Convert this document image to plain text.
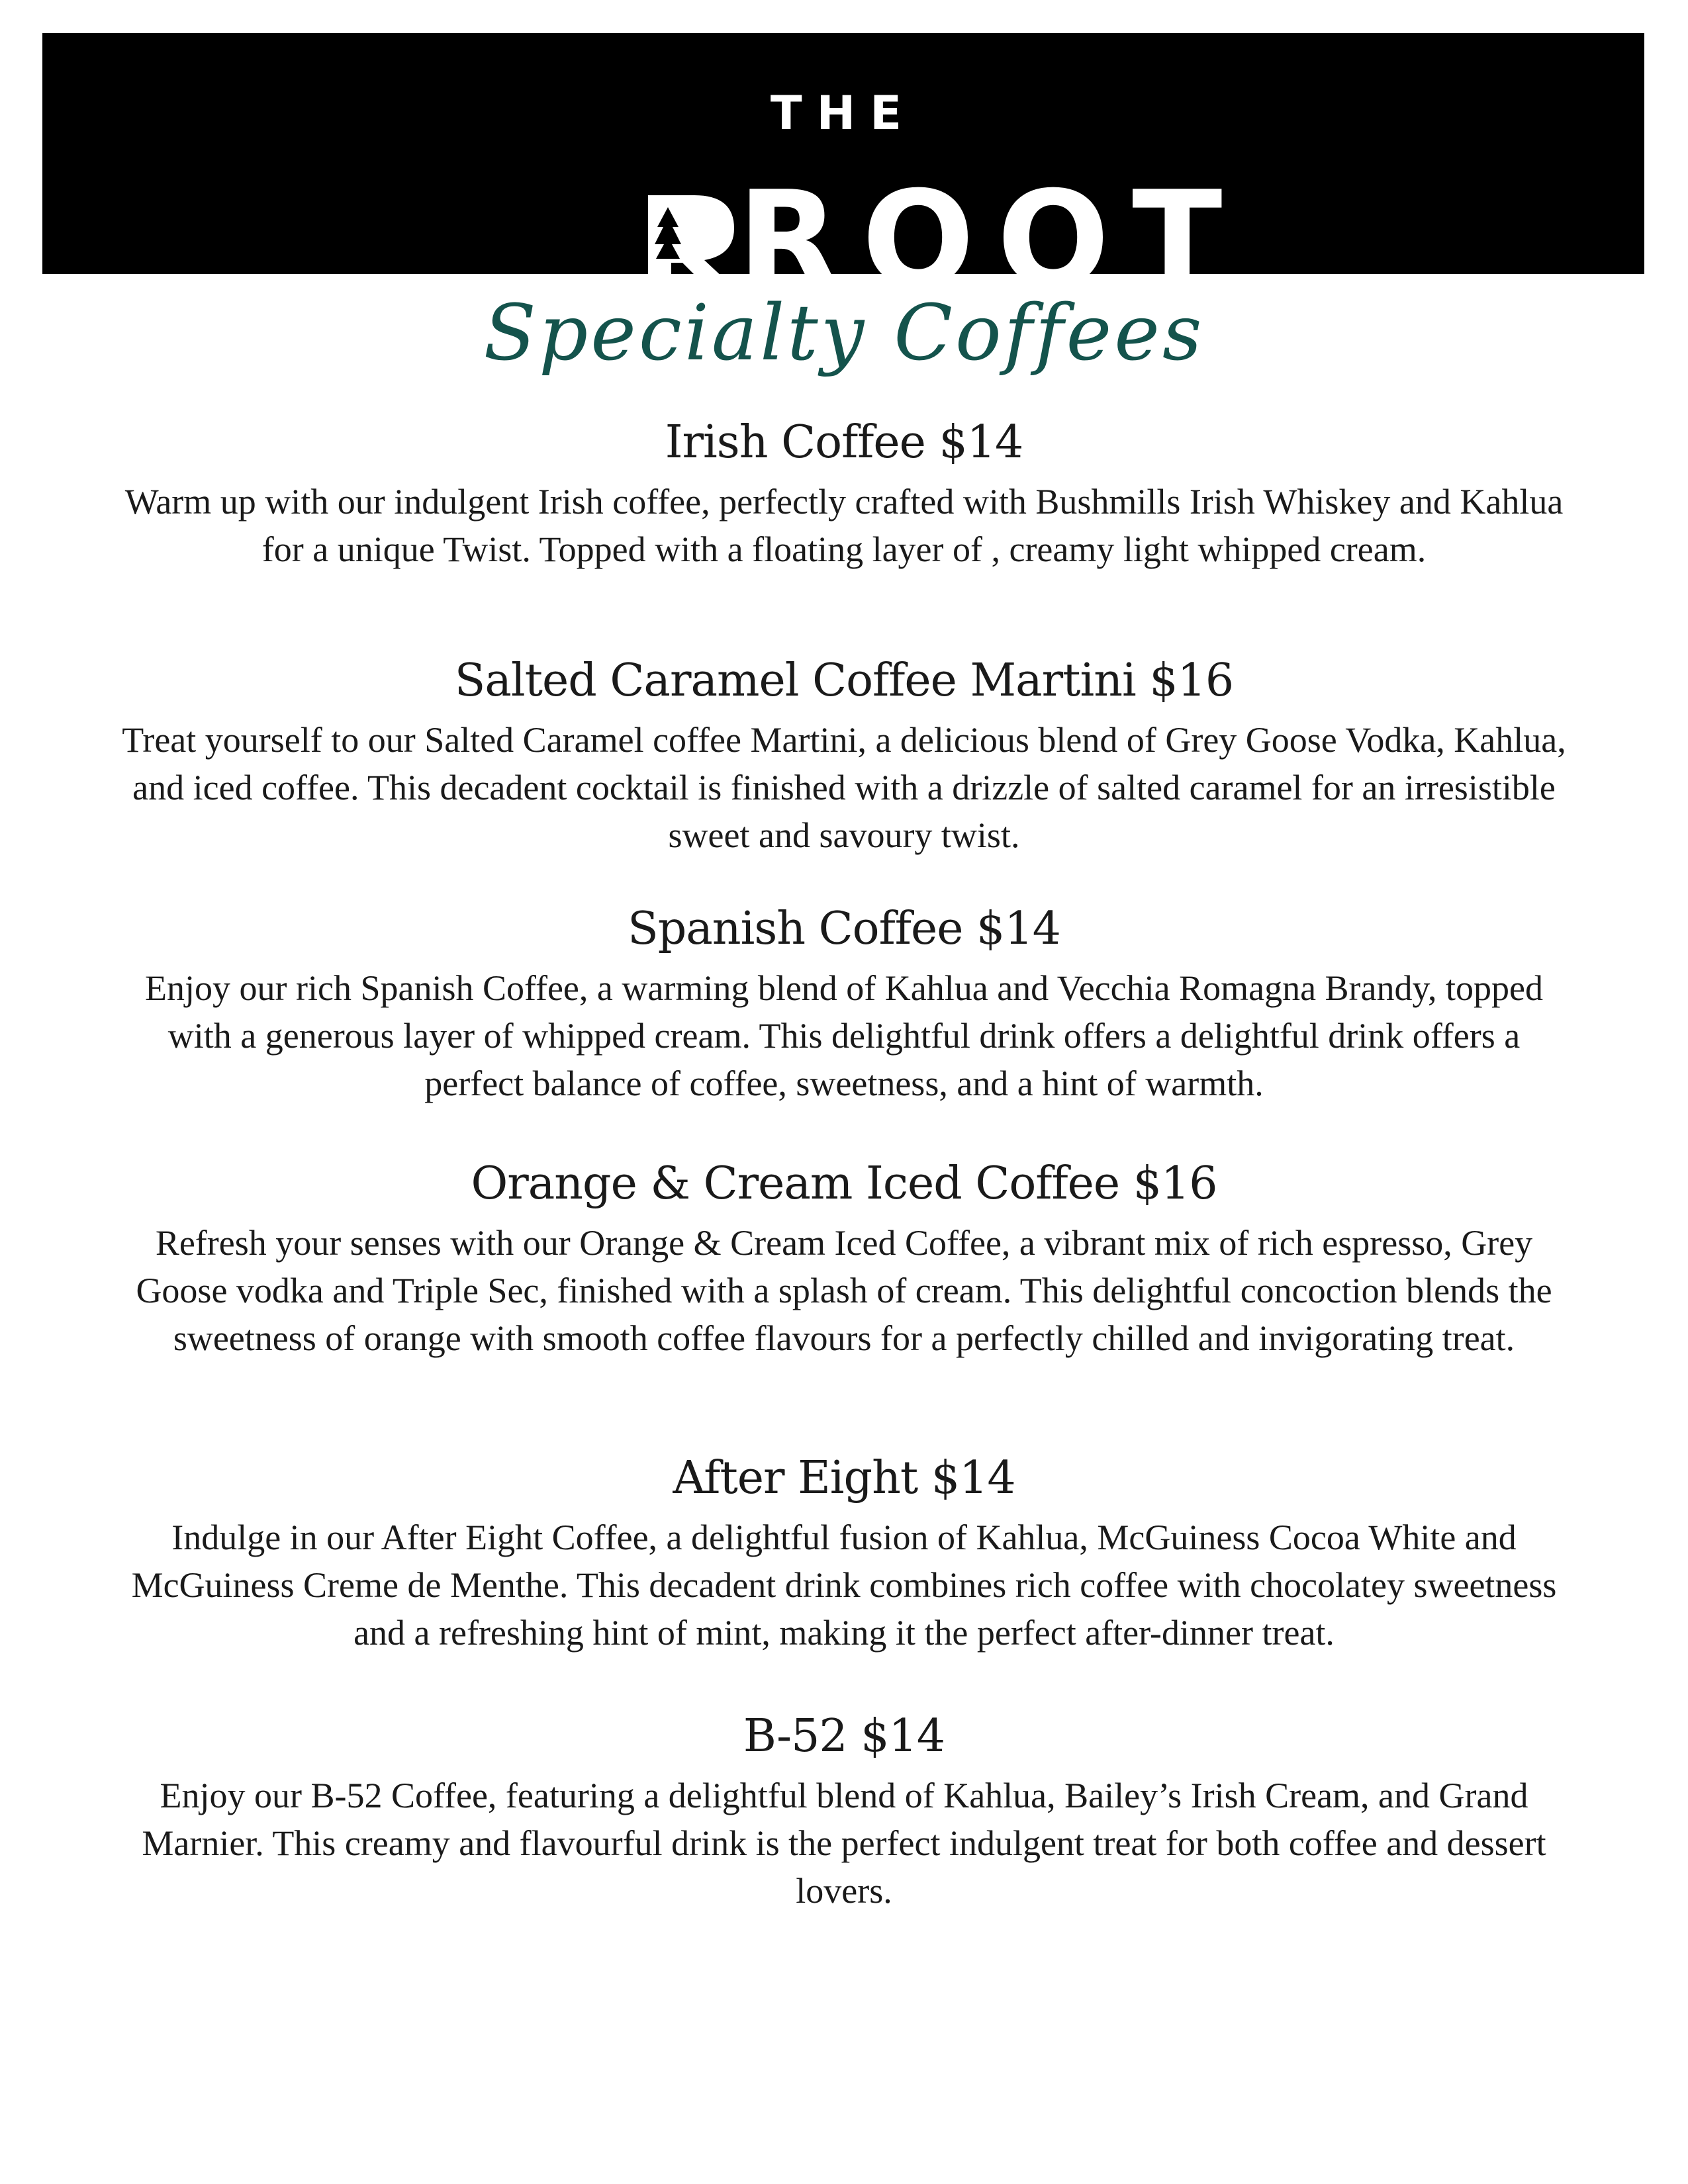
THE
ROOT
Specialty Coffees
Irish Coffee $14
Warm up with our indulgent Irish coffee, perfectly crafted with Bushmills Irish Whiskey and Kahlua for a unique Twist. Topped with a floating layer of , creamy light whipped cream.
Salted Caramel Coffee Martini $16
Treat yourself to our Salted Caramel coffee Martini, a delicious blend of Grey Goose Vodka, Kahlua, and iced coffee. This decadent cocktail is finished with a drizzle of salted caramel for an irresistible sweet and savoury twist.
Spanish Coffee $14
Enjoy our rich Spanish Coffee, a warming blend of Kahlua and Vecchia Romagna Brandy, topped with a generous layer of whipped cream. This delightful drink offers a delightful drink offers a perfect balance of coffee, sweetness, and a hint of warmth.
Orange & Cream Iced Coffee $16
Refresh your senses with our Orange & Cream Iced Coffee, a vibrant mix of rich espresso, Grey Goose vodka and Triple Sec, finished with a splash of cream. This delightful concoction blends the sweetness of orange with smooth coffee flavours for a perfectly chilled and invigorating treat.
After Eight $14
Indulge in our After Eight Coffee, a delightful fusion of Kahlua, McGuiness Cocoa White and McGuiness Creme de Menthe. This decadent drink combines rich coffee with chocolatey sweetness and a refreshing hint of mint, making it the perfect after-dinner treat.
B-52 $14
Enjoy our B-52 Coffee, featuring a delightful blend of Kahlua, Bailey’s Irish Cream, and Grand Marnier. This creamy and flavourful drink is the perfect indulgent treat for both coffee and dessert lovers.
